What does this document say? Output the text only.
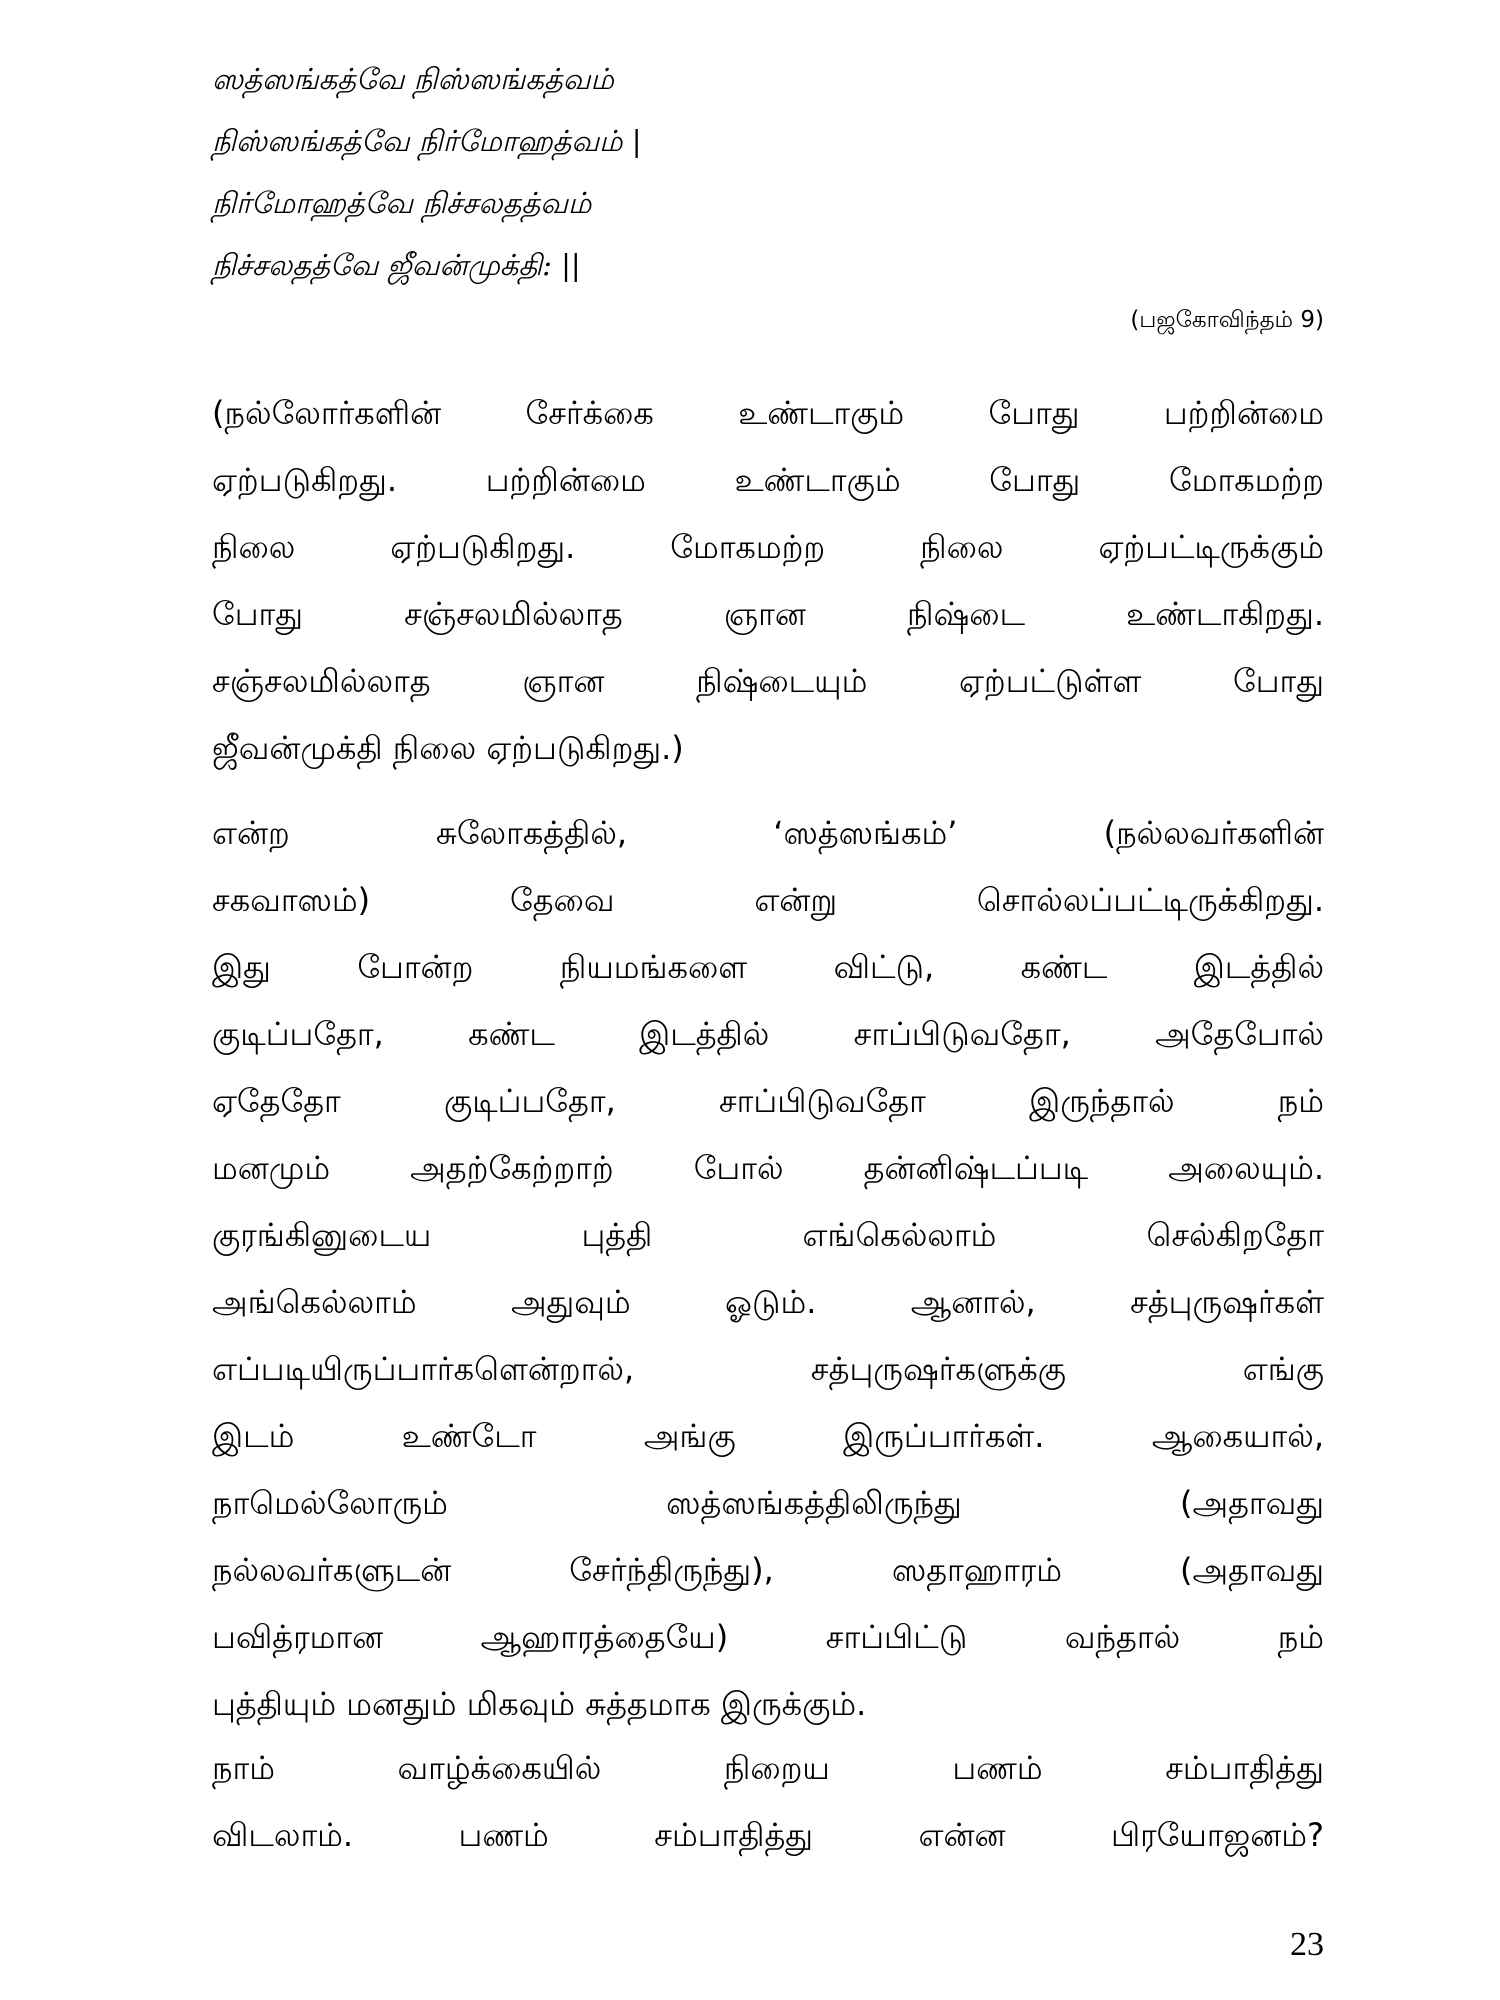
ஸத்ஸங்கத்வே நிஸ்ஸங்கத்வம்
நிஸ்ஸங்கத்வே நிர்மோஹத்வம் |
நிர்மோஹத்வே நிச்சலதத்வம்
நிச்சலதத்வே ஜீவன்முக்தி: ||
(பஜகோவிந்தம் 9)
(நல்லோர்களின் சேர்க்கை உண்டாகும் போது பற்றின்மை
ஏற்படுகிறது. பற்றின்மை உண்டாகும் போது மோகமற்ற
நிலை ஏற்படுகிறது. மோகமற்ற நிலை ஏற்பட்டிருக்கும்
போது சஞ்சலமில்லாத ஞான நிஷ்டை உண்டாகிறது.
சஞ்சலமில்லாத ஞான நிஷ்டையும் ஏற்பட்டுள்ள போது
ஜீவன்முக்தி நிலை ஏற்படுகிறது.)
என்ற சுலோகத்தில், ‘ஸத்ஸங்கம்’ (நல்லவர்களின்
சகவாஸம்) தேவை என்று சொல்லப்பட்டிருக்கிறது.
இது போன்ற நியமங்களை விட்டு, கண்ட இடத்தில்
குடிப்பதோ, கண்ட இடத்தில் சாப்பிடுவதோ, அதேபோல்
ஏதேதோ குடிப்பதோ, சாப்பிடுவதோ இருந்தால் நம்
மனமும் அதற்கேற்றாற் போல் தன்னிஷ்டப்படி அலையும்.
குரங்கினுடைய புத்தி எங்கெல்லாம் செல்கிறதோ
அங்கெல்லாம் அதுவும் ஓடும். ஆனால், சத்புருஷர்கள்
எப்படியிருப்பார்களென்றால், சத்புருஷர்களுக்கு எங்கு
இடம் உண்டோ அங்கு இருப்பார்கள். ஆகையால்,
நாமெல்லோரும் ஸத்ஸங்கத்திலிருந்து (அதாவது
நல்லவர்களுடன் சேர்ந்திருந்து), ஸதாஹாரம் (அதாவது
பவித்ரமான ஆஹாரத்தையே) சாப்பிட்டு வந்தால் நம்
புத்தியும் மனதும் மிகவும் சுத்தமாக இருக்கும்.
நாம் வாழ்க்கையில் நிறைய பணம் சம்பாதித்து
விடலாம். பணம் சம்பாதித்து என்ன பிரயோஜனம்?
23
